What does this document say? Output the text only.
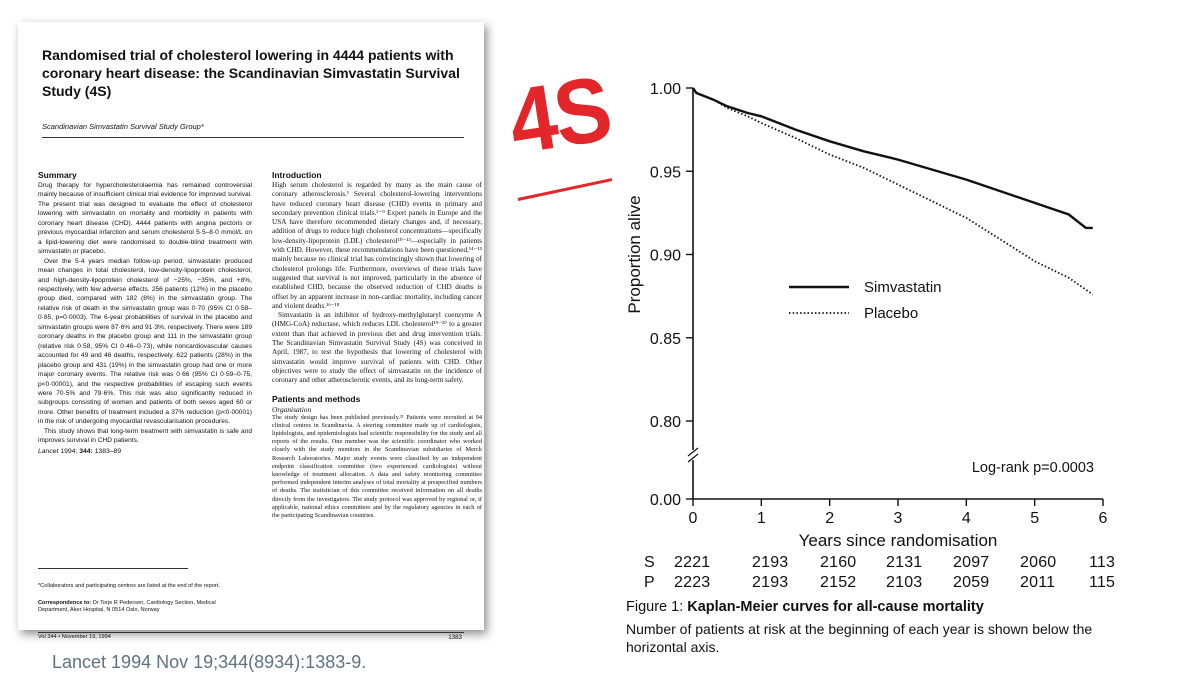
Randomised trial of cholesterol lowering in 4444 patients with coronary heart disease: the Scandinavian Simvastatin Survival Study (4S)
Scandinavian Simvastatin Survival Study Group*
Summary

Drug therapy for hypercholesterolaemia has remained controversial mainly because of insufficient clinical trial evidence for improved survival. The present trial was designed to evaluate the effect of cholesterol lowering with simvastatin on mortality and morbidity in patients with coronary heart disease (CHD). 4444 patients with angina pectoris or previous myocardial infarction and serum cholesterol 5·5–8·0 mmol/L on a lipid-lowering diet were randomised to double-blind treatment with simvastatin or placebo.

Over the 5·4 years median follow-up period, simvastatin produced mean changes in total cholesterol, low-density-lipoprotein cholesterol, and high-density-lipoprotein cholesterol of −25%, −35%, and +8%, respectively, with few adverse effects. 256 patients (12%) in the placebo group died, compared with 182 (8%) in the simvastatin group. The relative risk of death in the simvastatin group was 0·70 (95% CI 0·58–0·85, p=0·0003). The 6-year probabilities of survival in the placebo and simvastatin groups were 87·6% and 91·3%, respectively. There were 189 coronary deaths in the placebo group and 111 in the simvastatin group (relative risk 0·58, 95% CI 0·46–0·73), while noncardiovascular causes accounted for 49 and 46 deaths, respectively. 622 patients (28%) in the placebo group and 431 (19%) in the simvastatin group had one or more major coronary events. The relative risk was 0·66 (95% CI 0·59–0·75, p<0·00001), and the respective probabilities of escaping such events were 70·5% and 79·6%. This risk was also significantly reduced in subgroups consisting of women and patients of both sexes aged 60 or more. Other benefits of treatment included a 37% reduction (p<0·00001) in the risk of undergoing myocardial revascularisation procedures.

This study shows that long-term treatment with simvastatin is safe and improves survival in CHD patients.

Lancet 1994; 344: 1383–89

Introduction

High serum cholesterol is regarded by many as the main cause of coronary atherosclerosis.¹ Several cholesterol-lowering interventions have reduced coronary heart disease (CHD) events in primary and secondary prevention clinical trials.²⁻⁹ Expert panels in Europe and the USA have therefore recommended dietary changes and, if necessary, addition of drugs to reduce high cholesterol concentrations—specifically low-density-lipoprotein (LDL) cholesterol¹⁰⁻¹³—especially in patients with CHD. However, these recommendations have been questioned,¹⁴⁻¹⁵ mainly because no clinical trial has convincingly shown that lowering of cholesterol prolongs life. Furthermore, overviews of these trials have suggested that survival is not improved, particularly in the absence of established CHD, because the observed reduction of CHD deaths is offset by an apparent increase in non-cardiac mortality, including cancer and violent deaths.¹⁶⁻¹⁸

Simvastatin is an inhibitor of hydroxy-methylglutaryl coenzyme A (HMG-CoA) reductase, which reduces LDL cholesterol¹⁹⁻²⁰ to a greater extent than that achieved in previous diet and drug intervention trials. The Scandinavian Simvastatin Survival Study (4S) was conceived in April, 1987, to test the hypothesis that lowering of cholesterol with simvastatin would improve survival of patients with CHD. Other objectives were to study the effect of simvastatin on the incidence of coronary and other atherosclerotic events, and its long-term safety.

Patients and methods
Organisation

The study design has been published previously.²¹ Patients were recruited at 94 clinical centres in Scandinavia. A steering committee made up of cardiologists, lipidologists, and epidemiologists had scientific responsibility for the study and all reports of the results. One member was the scientific coordinator who worked closely with the study monitors in the Scandinavian subsidiaries of Merck Research Laboratories. Major study events were classified by an independent endpoint classification committee (two experienced cardiologists) without knowledge of treatment allocation. A data and safety monitoring committee performed independent interim analyses of total mortality at prespecified numbers of deaths. The statistician of this committee received information on all deaths directly from the investigators. The study protocol was approved by regional or, if applicable, national ethics committees and by the regulatory agencies in each of the participating Scandinavian countries.

*Collaborators and participating centres are listed at the end of the report.
Correspondence to: Dr Torje R Pedersen, Cardiology Section, Medical Department, Aker Hospital, N 0514 Oslo, Norway
Vol 344 • November 19, 1994	1383
Lancet 1994 Nov 19;344(8934):1383-9.
4S 1.00
0.95
0.90
0.85
0.80
0.00
0	1	2	3	4	5	6
Years since randomisation
Proportion alive	Simvastatin
Placebo
Log-rank p=0.0003
S 2221	2193 2160 2131 2097 2060 113
P 2223	2193 2152 2103 2059 2011 115
Figure 1: Kaplan-Meier curves for all-cause mortality
Number of patients at risk at the beginning of each year is shown below the horizontal axis.
